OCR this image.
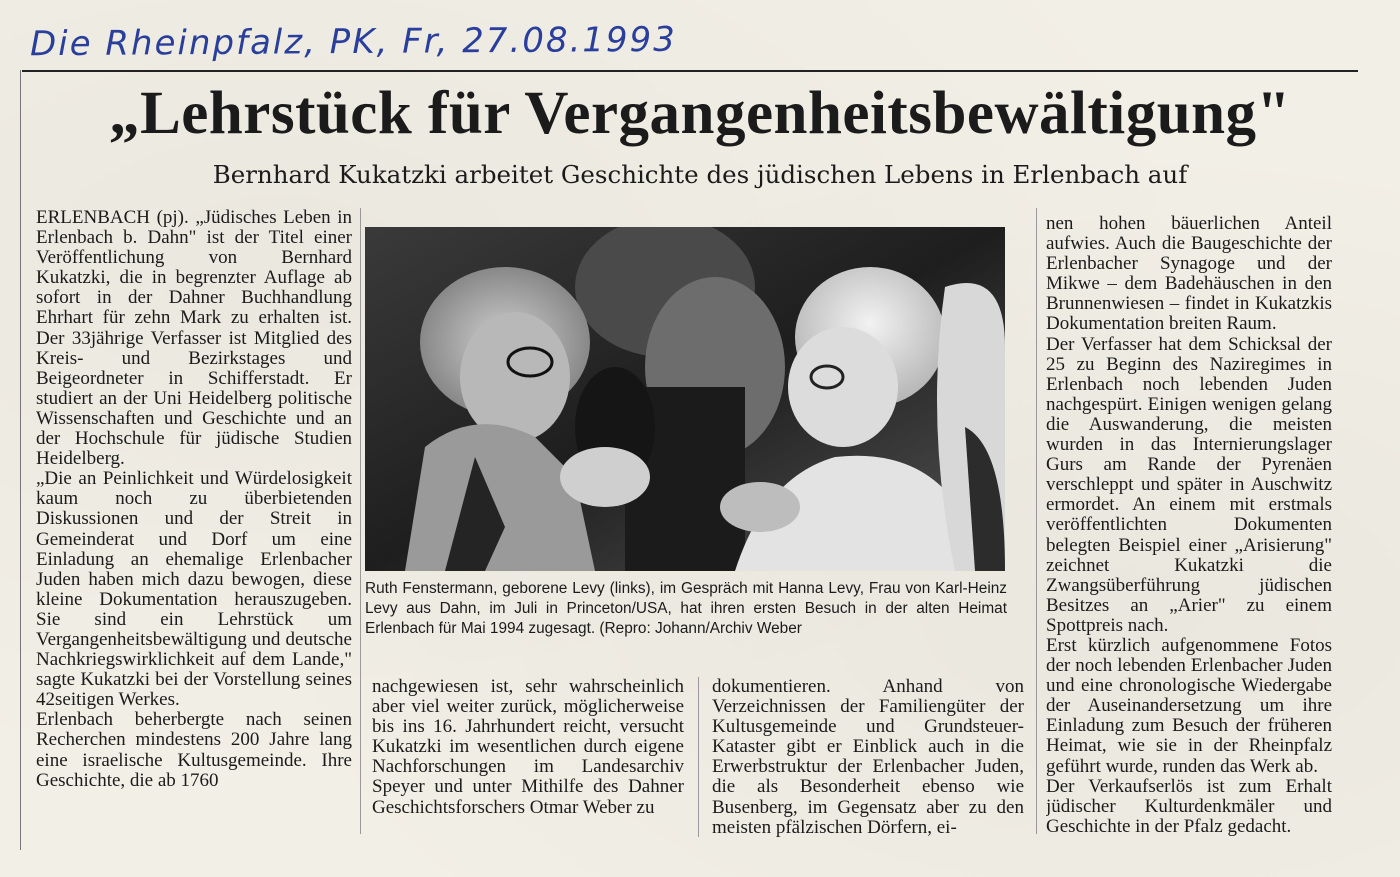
Die Rheinpfalz, PK, Fr, 27.08.1993
„Lehrstück für Vergangenheitsbewältigung"
Bernhard Kukatzki arbeitet Geschichte des jüdischen Lebens in Erlenbach auf
ERLENBACH (pj). „Jüdisches Leben in Erlenbach b. Dahn" ist der Titel einer Veröffentlichung von Bernhard Kukatzki, die in begrenzter Auflage ab sofort in der Dahner Buchhandlung Ehrhart für zehn Mark zu erhalten ist. Der 33jährige Verfasser ist Mitglied des Kreis- und Bezirkstages und Beigeordneter in Schifferstadt. Er studiert an der Uni Heidelberg politische Wissenschaften und Geschichte und an der Hochschule für jüdische Studien Heidelberg.
„Die an Peinlichkeit und Würdelosigkeit kaum noch zu überbietenden Diskussionen und der Streit in Gemeinderat und Dorf um eine Einladung an ehemalige Erlenbacher Juden haben mich dazu bewogen, diese kleine Dokumentation herauszugeben. Sie sind ein Lehrstück um Vergangenheitsbewältigung und deutsche Nachkriegswirklichkeit auf dem Lande," sagte Kukatzki bei der Vorstellung seines 42seitigen Werkes.
Erlenbach beherbergte nach seinen Recherchen mindestens 200 Jahre lang eine israelische Kultusgemeinde. Ihre Geschichte, die ab 1760
Ruth Fenstermann, geborene Levy (links), im Gespräch mit Hanna Levy, Frau von Karl-Heinz Levy aus Dahn, im Juli in Princeton/USA, hat ihren ersten Besuch in der alten Heimat Erlenbach für Mai 1994 zugesagt. (Repro: Johann/Archiv Weber
nachgewiesen ist, sehr wahrscheinlich aber viel weiter zurück, möglicherweise bis ins 16. Jahrhundert reicht, versucht Kukatzki im wesentlichen durch eigene Nachforschungen im Landesarchiv Speyer und unter Mithilfe des Dahner Geschichtsforschers Otmar Weber zu
dokumentieren. Anhand von Verzeichnissen der Familiengüter der Kultusgemeinde und Grundsteuer-Kataster gibt er Einblick auch in die Erwerbstruktur der Erlenbacher Juden, die als Besonderheit ebenso wie Busenberg, im Gegensatz aber zu den meisten pfälzischen Dörfern, ei-
nen hohen bäuerlichen Anteil aufwies. Auch die Baugeschichte der Erlenbacher Synagoge und der Mikwe – dem Badehäuschen in den Brunnenwiesen – findet in Kukatzkis Dokumentation breiten Raum.
Der Verfasser hat dem Schicksal der 25 zu Beginn des Naziregimes in Erlenbach noch lebenden Juden nachgespürt. Einigen wenigen gelang die Auswanderung, die meisten wurden in das Internierungslager Gurs am Rande der Pyrenäen verschleppt und später in Auschwitz ermordet. An einem mit erstmals veröffentlichten Dokumenten belegten Beispiel einer „Arisierung" zeichnet Kukatzki die Zwangsüberführung jüdischen Besitzes an „Arier" zu einem Spottpreis nach.
Erst kürzlich aufgenommene Fotos der noch lebenden Erlenbacher Juden und eine chronologische Wiedergabe der Auseinandersetzung um ihre Einladung zum Besuch der früheren Heimat, wie sie in der Rheinpfalz geführt wurde, runden das Werk ab.
Der Verkaufserlös ist zum Erhalt jüdischer Kulturdenkmäler und Geschichte in der Pfalz gedacht.
